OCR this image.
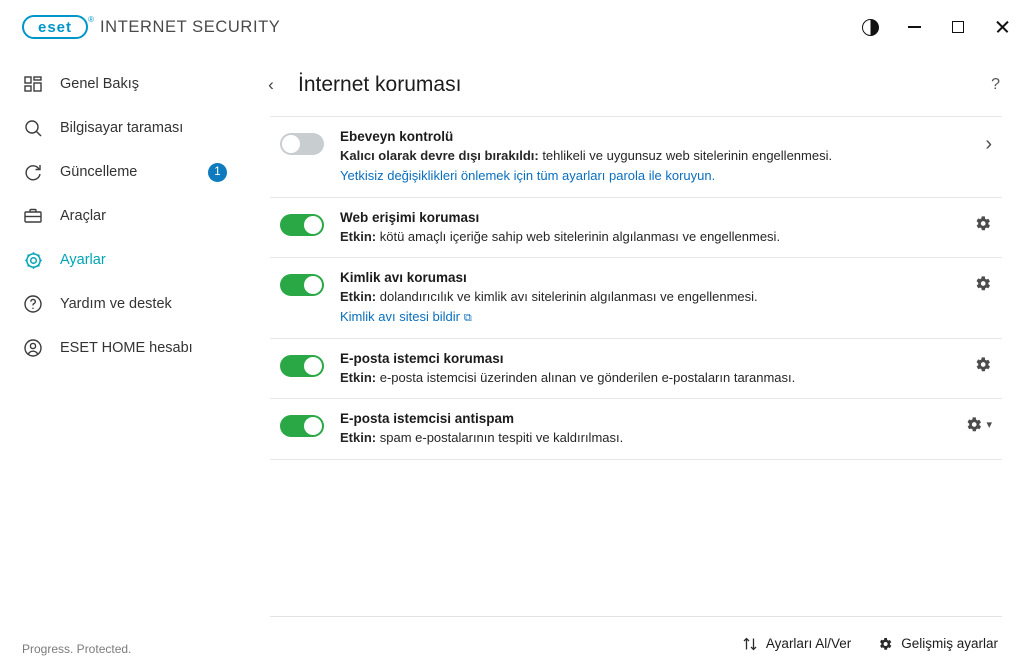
eset ® INTERNET SECURITY
Genel Bakış
Bilgisayar taraması
Güncelleme	1
Araçlar
Ayarlar
Yardım ve destek
ESET HOME hesabı
Progress. Protected.
‹	İnternet koruması	?
Ebeveyn kontrolü
Kalıcı olarak devre dışı bırakıldı: tehlikeli ve uygunsuz web sitelerinin engellenmesi.
Yetkisiz değişiklikleri önlemek için tüm ayarları parola ile koruyun.
›
Web erişimi koruması
Etkin: kötü amaçlı içeriğe sahip web sitelerinin algılanması ve engellenmesi.
Kimlik avı koruması
Etkin: dolandırıcılık ve kimlik avı sitelerinin algılanması ve engellenmesi.
Kimlik avı sitesi bildir ⧉
E-posta istemci koruması
Etkin: e-posta istemcisi üzerinden alınan ve gönderilen e-postaların taranması.
E-posta istemcisi antispam
Etkin: spam e-postalarının tespiti ve kaldırılması.
▾
Ayarları Al/Ver	Gelişmiş ayarlar
